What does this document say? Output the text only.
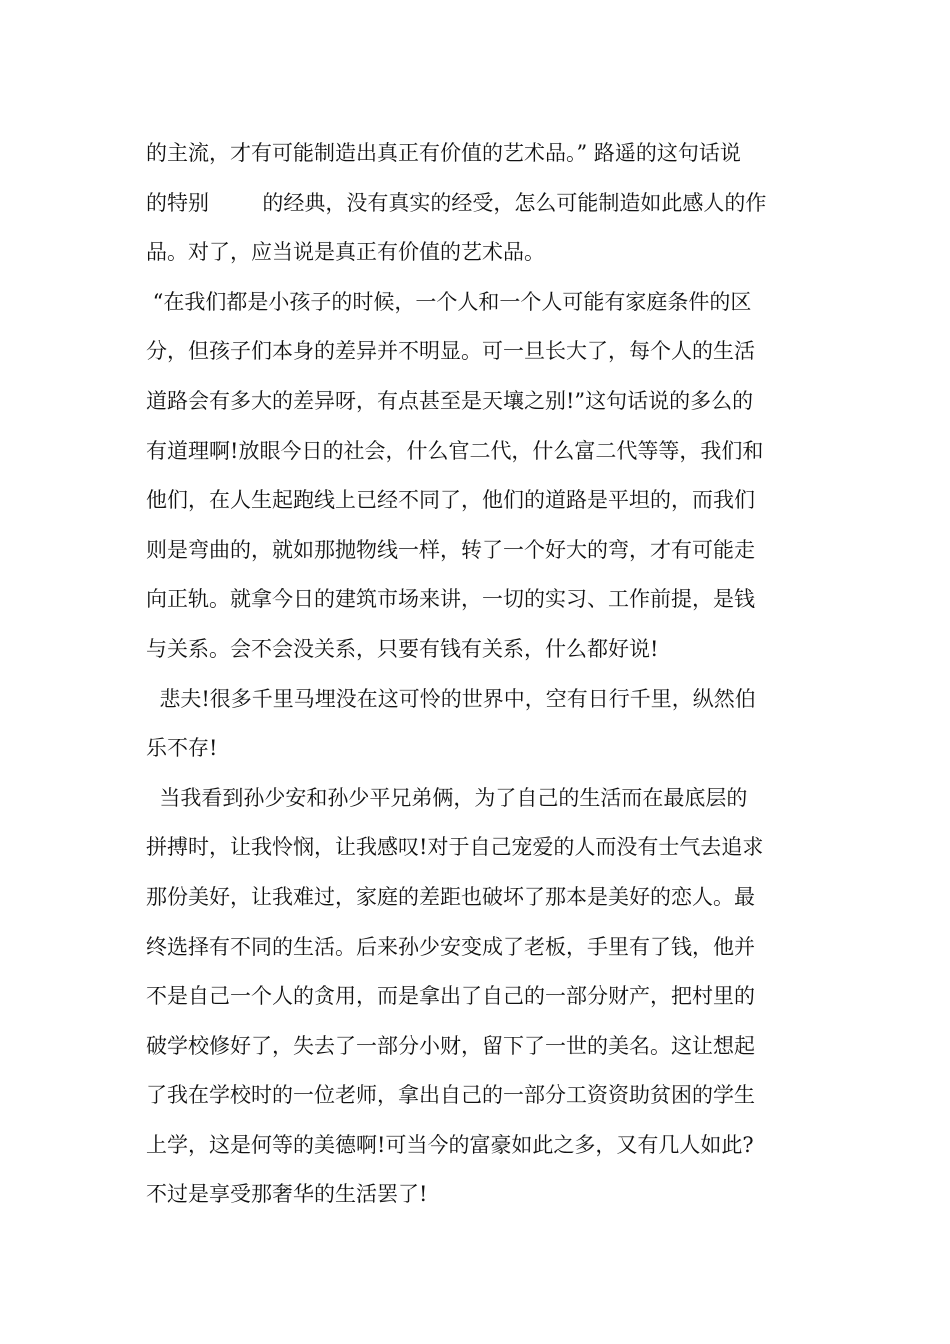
的主流，才有可能制造出真正有价值的艺术品。” 路遥的这句话说
的特别        的经典，没有真实的经受，怎么可能制造如此感人的作
品。对了，应当说是真正有价值的艺术品。
“在我们都是小孩子的时候，一个人和一个人可能有家庭条件的区
分，但孩子们本身的差异并不明显。可一旦长大了，每个人的生活
道路会有多大的差异呀，有点甚至是天壤之别!”这句话说的多么的
有道理啊!放眼今日的社会，什么官二代，什么富二代等等，我们和
他们，在人生起跑线上已经不同了，他们的道路是平坦的，而我们
则是弯曲的，就如那抛物线一样，转了一个好大的弯，才有可能走
向正轨。就拿今日的建筑市场来讲，一切的实习、工作前提，是钱
与关系。会不会没关系，只要有钱有关系，什么都好说!
悲夫!很多千里马埋没在这可怜的世界中，空有日行千里，纵然伯
乐不存!
当我看到孙少安和孙少平兄弟俩，为了自己的生活而在最底层的
拼搏时，让我怜悯，让我感叹!对于自己宠爱的人而没有士气去追求
那份美好，让我难过，家庭的差距也破坏了那本是美好的恋人。最
终选择有不同的生活。后来孙少安变成了老板，手里有了钱，他并
不是自己一个人的贪用，而是拿出了自己的一部分财产，把村里的
破学校修好了，失去了一部分小财，留下了一世的美名。这让想起
了我在学校时的一位老师，拿出自己的一部分工资资助贫困的学生
上学，这是何等的美德啊!可当今的富豪如此之多，又有几人如此?
不过是享受那奢华的生活罢了!
